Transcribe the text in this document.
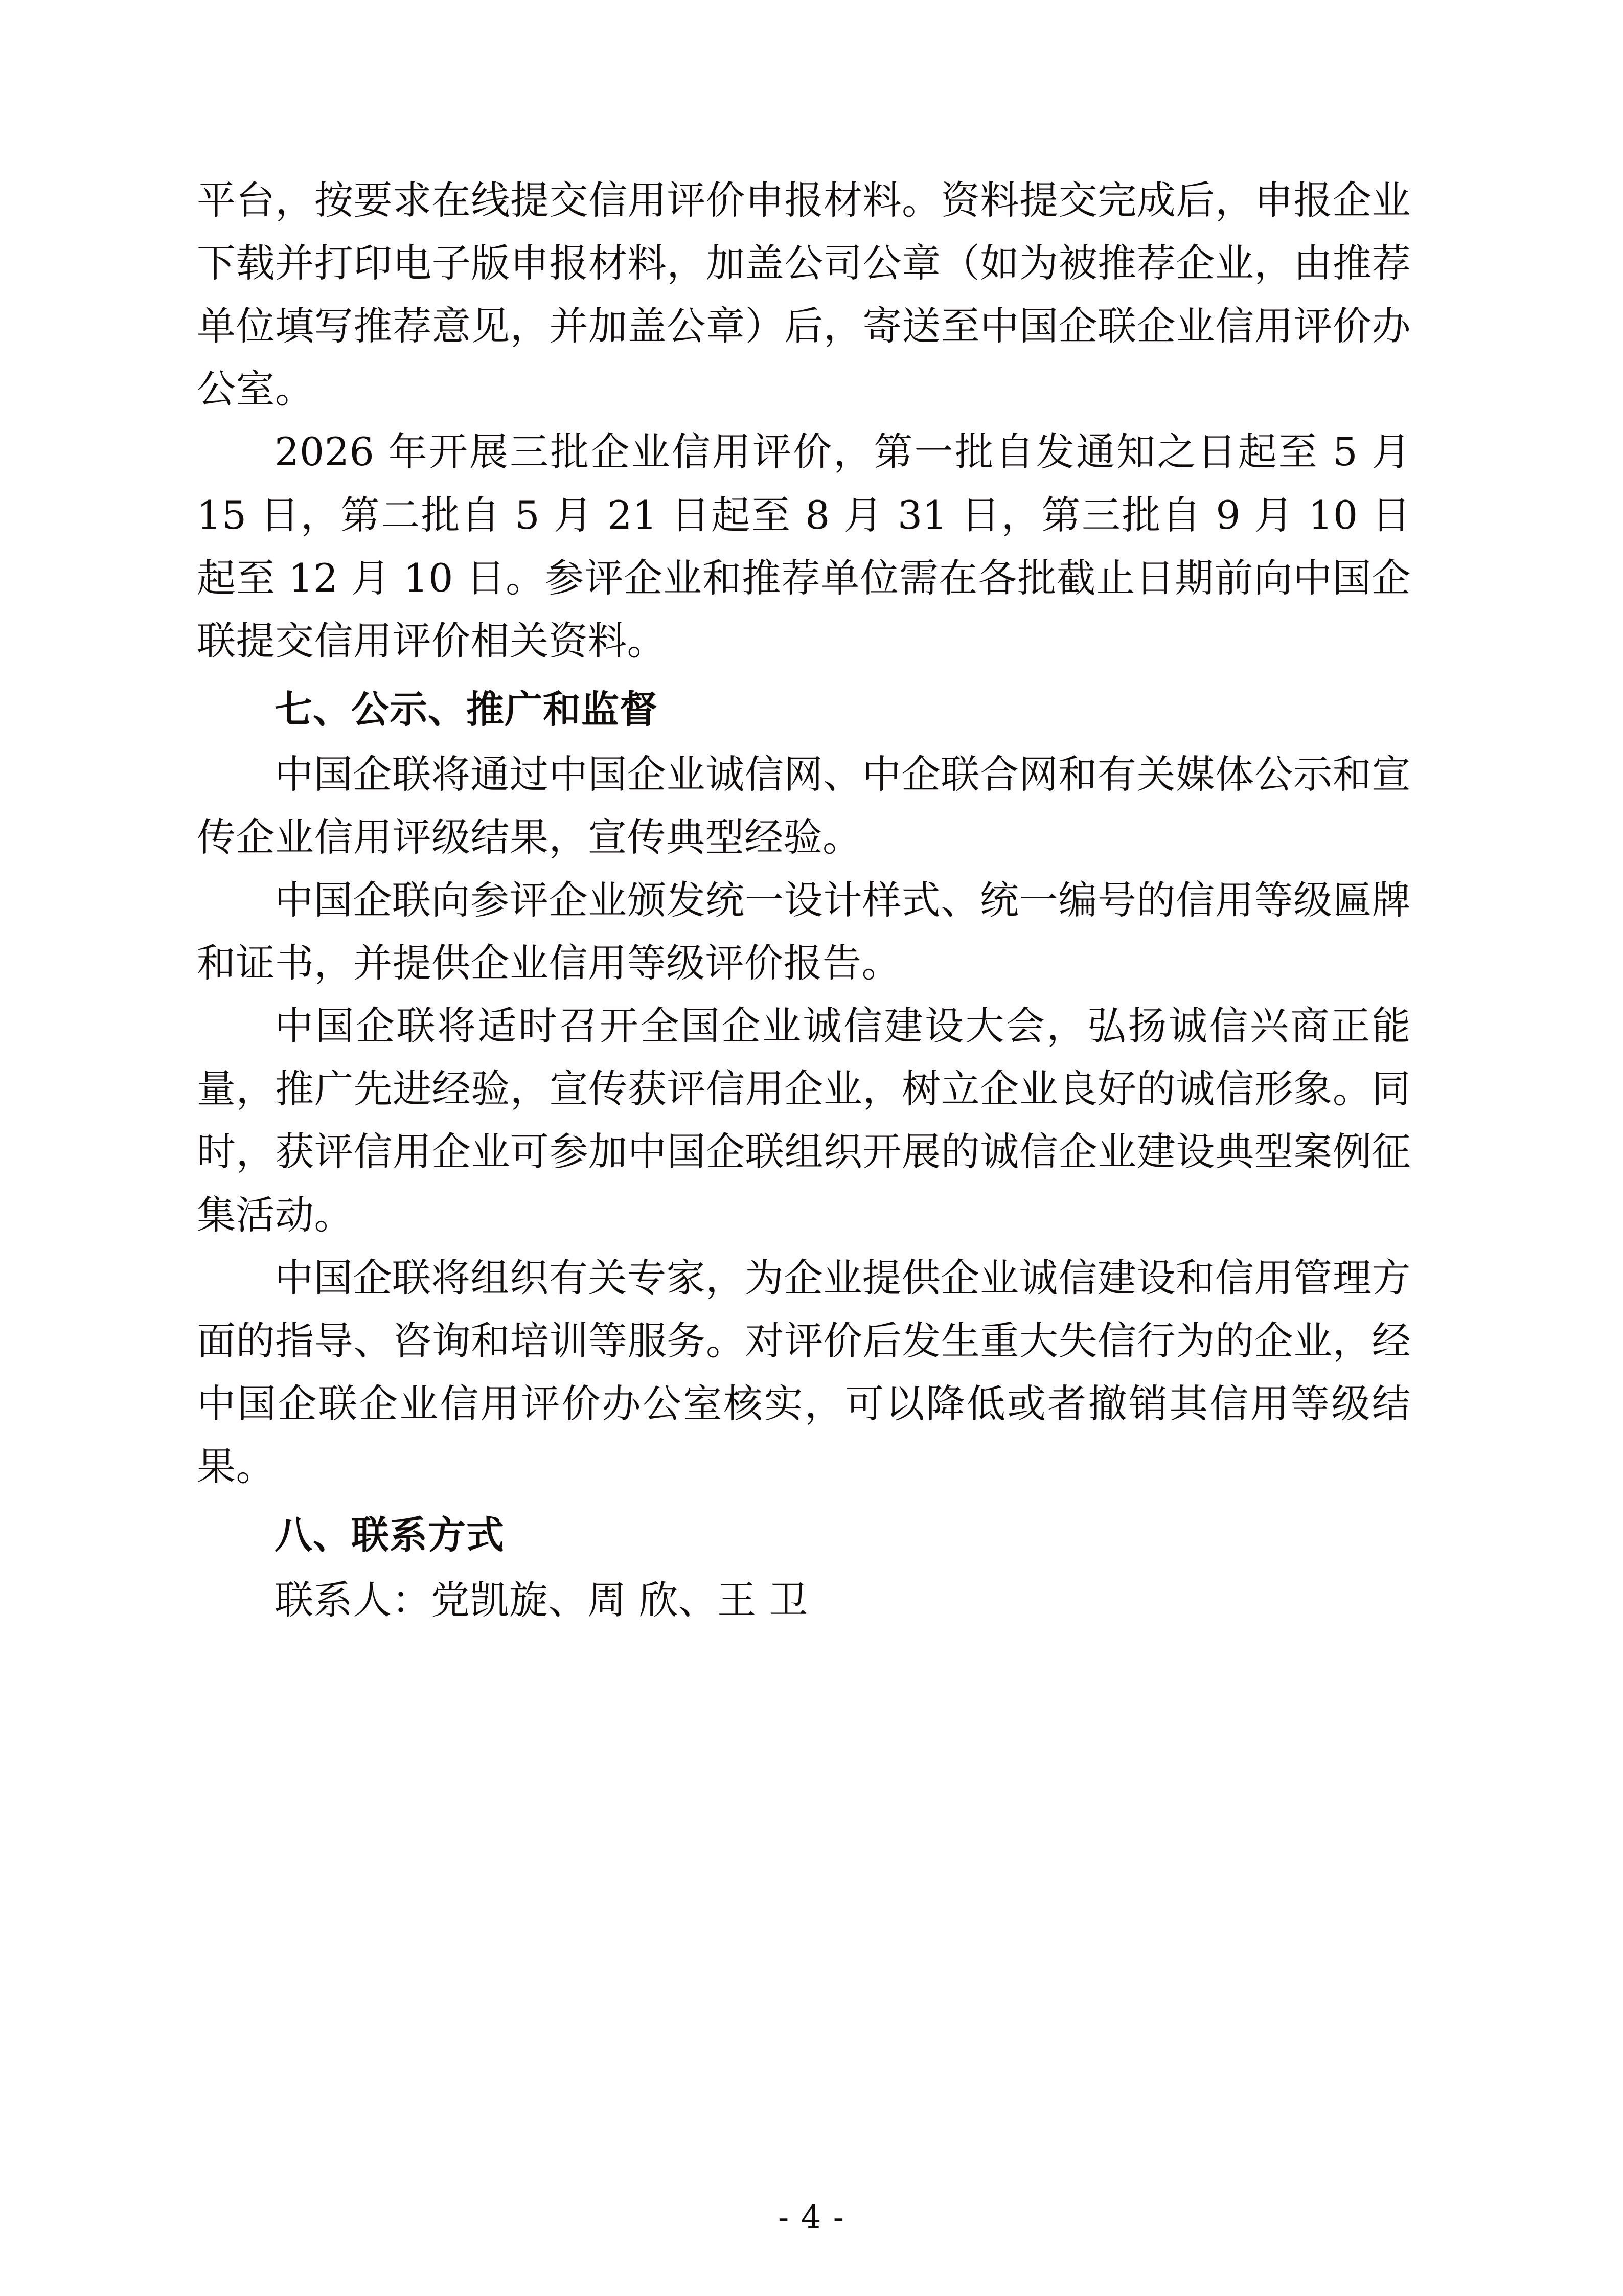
平台，按要求在线提交信用评价申报材料。资料提交完成后，申报企业下载并打印电子版申报材料，加盖公司公章（如为被推荐企业，由推荐单位填写推荐意见，并加盖公章）后，寄送至中国企联企业信用评价办公室。

2026 年开展三批企业信用评价，第一批自发通知之日起至 5 月 15 日，第二批自 5 月 21 日起至 8 月 31 日，第三批自 9 月 10 日起至 12 月 10 日。参评企业和推荐单位需在各批截止日期前向中国企联提交信用评价相关资料。

七、公示、推广和监督

中国企联将通过中国企业诚信网、中企联合网和有关媒体公示和宣传企业信用评级结果，宣传典型经验。

中国企联向参评企业颁发统一设计样式、统一编号的信用等级匾牌和证书，并提供企业信用等级评价报告。

中国企联将适时召开全国企业诚信建设大会，弘扬诚信兴商正能量，推广先进经验，宣传获评信用企业，树立企业良好的诚信形象。同时，获评信用企业可参加中国企联组织开展的诚信企业建设典型案例征集活动。

中国企联将组织有关专家，为企业提供企业诚信建设和信用管理方面的指导、咨询和培训等服务。对评价后发生重大失信行为的企业，经中国企联企业信用评价办公室核实，可以降低或者撤销其信用等级结果。

八、联系方式

联系人：党凯旋、周 欣、王 卫

- 4 -
